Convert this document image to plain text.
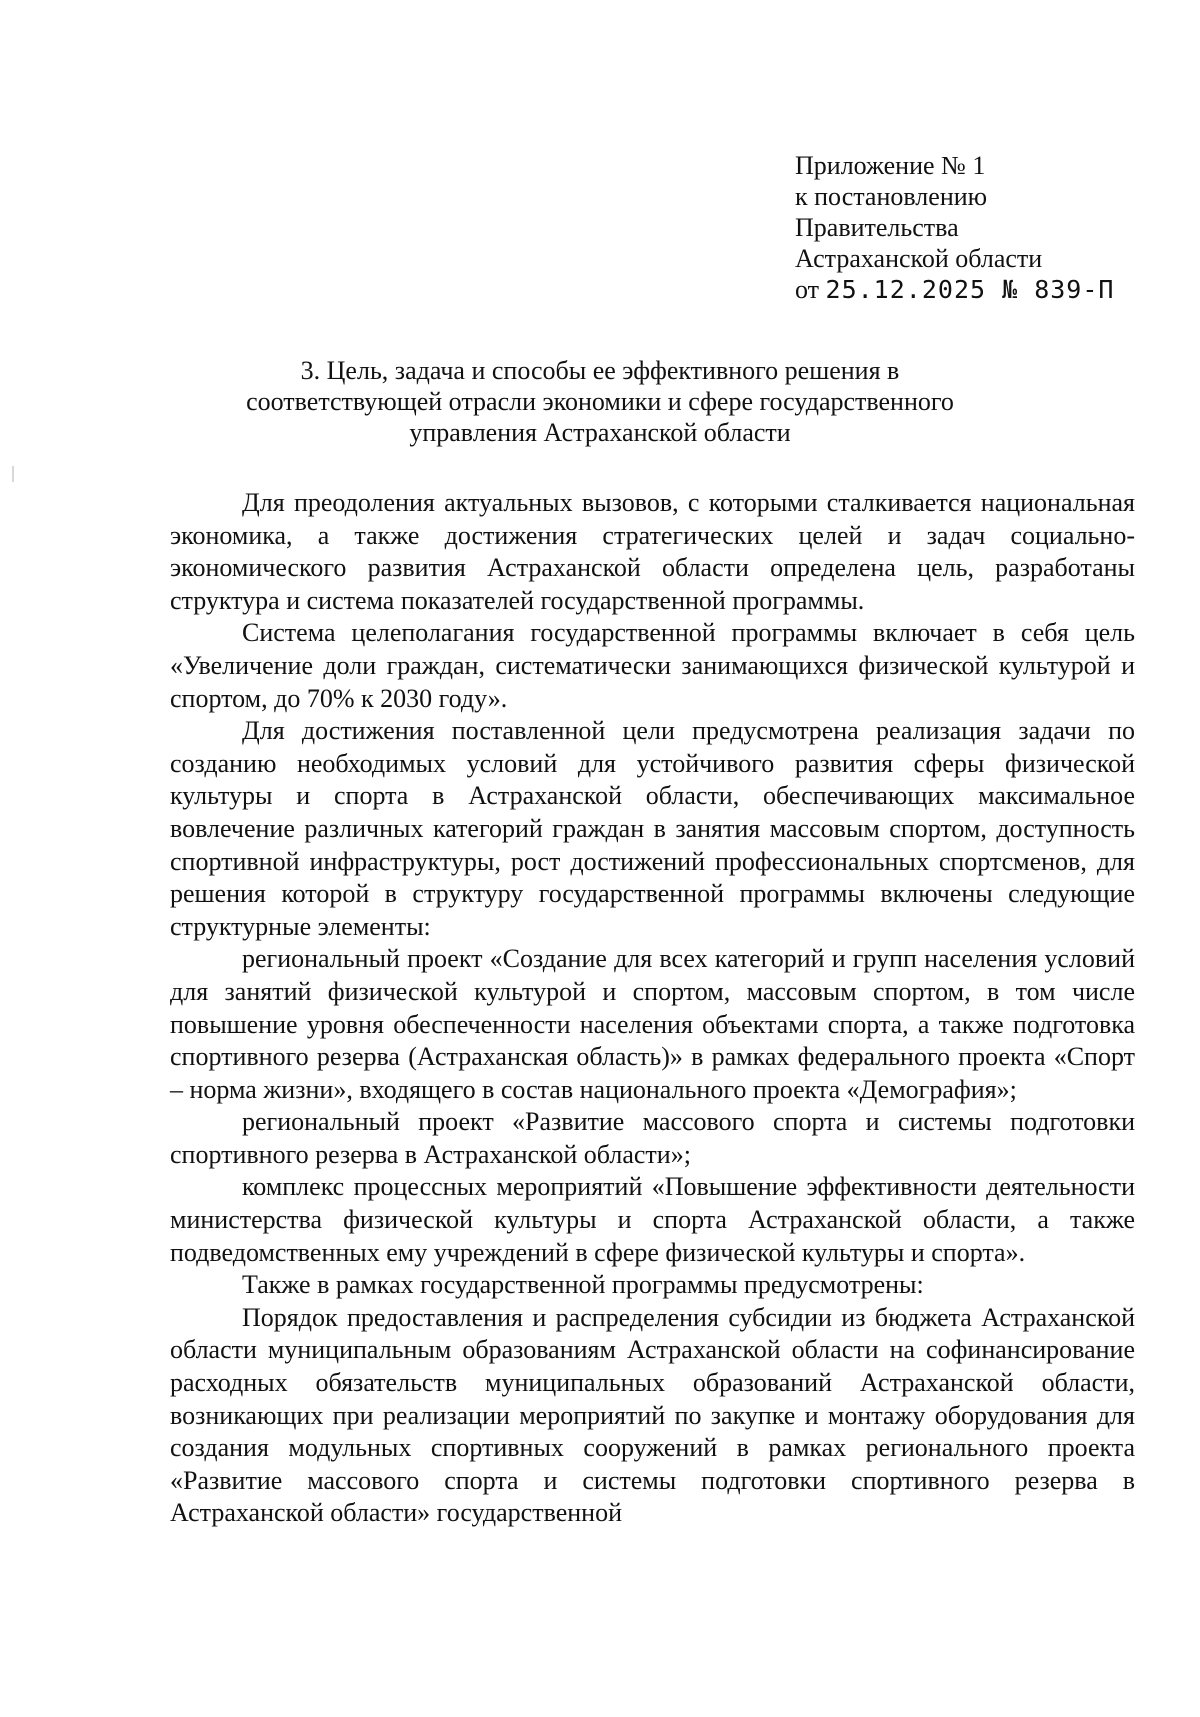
Приложение № 1
к постановлению
Правительства
Астраханской области
от 25.12.2025 № 839-П
3. Цель, задача и способы ее эффективного решения в
соответствующей отрасли экономики и сфере государственного
управления Астраханской области

Для преодоления актуальных вызовов, с которыми сталкивается национальная экономика, а также достижения стратегических целей и задач социально-экономического развития Астраханской области определена цель, разработаны структура и система показателей государственной программы.

Система целеполагания государственной программы включает в себя цель «Увеличение доли граждан, систематически занимающихся физической культурой и спортом, до 70% к 2030 году».

Для достижения поставленной цели предусмотрена реализация задачи по созданию необходимых условий для устойчивого развития сферы физической культуры и спорта в Астраханской области, обеспечивающих максимальное вовлечение различных категорий граждан в занятия массовым спортом, доступность спортивной инфраструктуры, рост достижений профессиональных спортсменов, для решения которой в структуру государственной программы включены следующие структурные элементы:

региональный проект «Создание для всех категорий и групп населения условий для занятий физической культурой и спортом, массовым спортом, в том числе повышение уровня обеспеченности населения объектами спорта, а также подготовка спортивного резерва (Астраханская область)» в рамках федерального проекта «Спорт – норма жизни», входящего в состав национального проекта «Демография»;

региональный проект «Развитие массового спорта и системы подготовки спортивного резерва в Астраханской области»;

комплекс процессных мероприятий «Повышение эффективности деятельности министерства физической культуры и спорта Астраханской области, а также подведомственных ему учреждений в сфере физической культуры и спорта».

Также в рамках государственной программы предусмотрены:

Порядок предоставления и распределения субсидии из бюджета Астраханской области муниципальным образованиям Астраханской области на софинансирование расходных обязательств муниципальных образований Астраханской области, возникающих при реализации мероприятий по закупке и монтажу оборудования для создания модульных спортивных сооружений в рамках регионального проекта «Развитие массового спорта и системы подготовки спортивного резерва в Астраханской области» государственной
